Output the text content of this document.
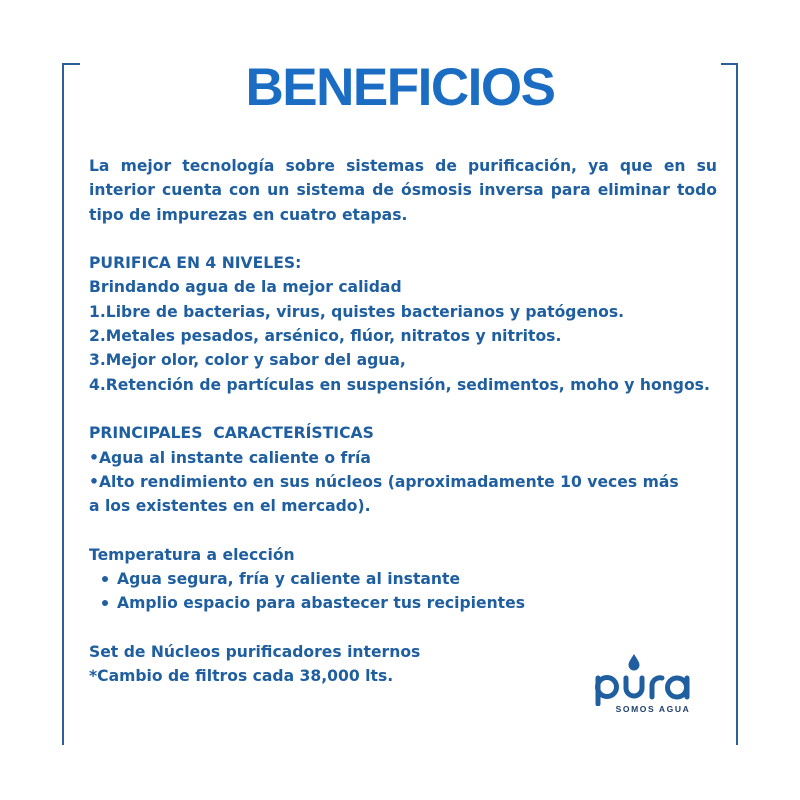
BENEFICIOS

La mejor tecnología sobre sistemas de purificación, ya que en su interior cuenta con un sistema de ósmosis inversa para eliminar todo tipo de impurezas en cuatro etapas.

PURIFICA EN 4 NIVELES:

Brindando agua de la mejor calidad

1.Libre de bacterias, virus, quistes bacterianos y patógenos.

2.Metales pesados, arsénico, flúor, nitratos y nitritos.

3.Mejor olor, color y sabor del agua,

4.Retención de partículas en suspensión, sedimentos, moho y hongos.

PRINCIPALES  CARACTERÍSTICAS

•Agua al instante caliente o fría

•Alto rendimiento en sus núcleos (aproximadamente 10 veces más

a los existentes en el mercado).

Temperatura a elección

Agua segura, fría y caliente al instante
Amplio espacio para abastecer tus recipientes

Set de Núcleos purificadores internos

*Cambio de filtros cada 38,000 lts.

SOMOS AGUA
